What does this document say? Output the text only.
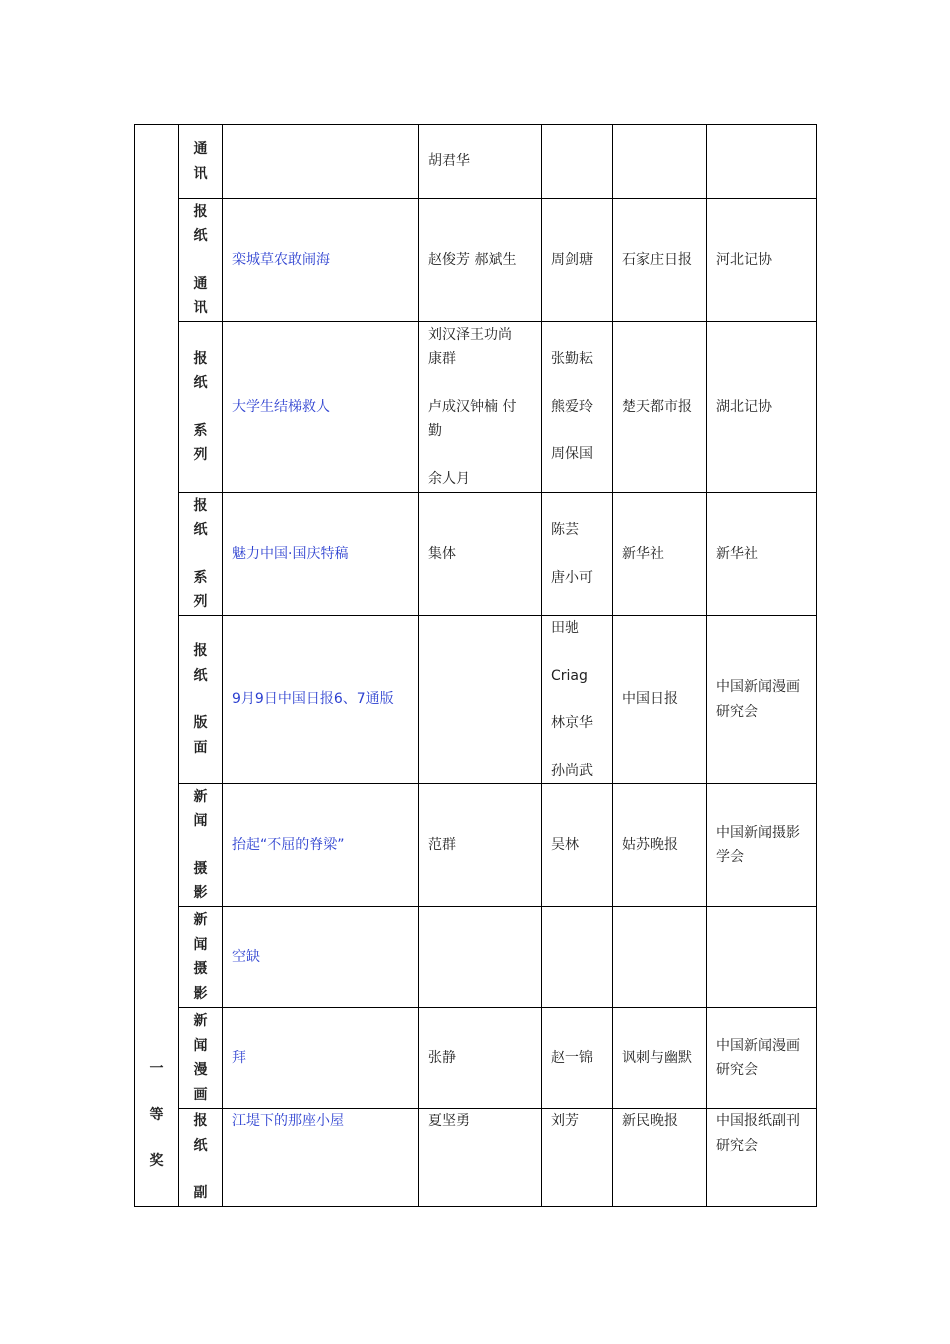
一
等
奖	通
讯		胡君华			

	报
纸
通
讯	栾城草农敢闹海	赵俊芳 郝斌生	周剑瑭	石家庄日报	河北记协

	报
纸
系
列	大学生结梯救人	刘汉泽王功尚
康群
卢成汉钟楠 付
勤
余人月	张勤耘
熊爱玲
周保国	楚天都市报	湖北记协

	报
纸
系
列	魅力中国·国庆特稿	集体	陈芸
唐小可	新华社	新华社

	报
纸
版
面	9月9日中国日报6、7通版		田驰
Criag
林京华
孙尚武	中国日报	中国新闻漫画研究会

	新
闻
摄
影	抬起“不屈的脊梁”	范群	吴林	姑苏晚报	中国新闻摄影学会

	新
闻
摄
影	空缺	

	新
闻
漫
画	拜	张静	赵一锦	讽刺与幽默	中国新闻漫画研究会

	报
纸
副	江堤下的那座小屋	夏坚勇	刘芳	新民晚报	中国报纸副刊研究会
